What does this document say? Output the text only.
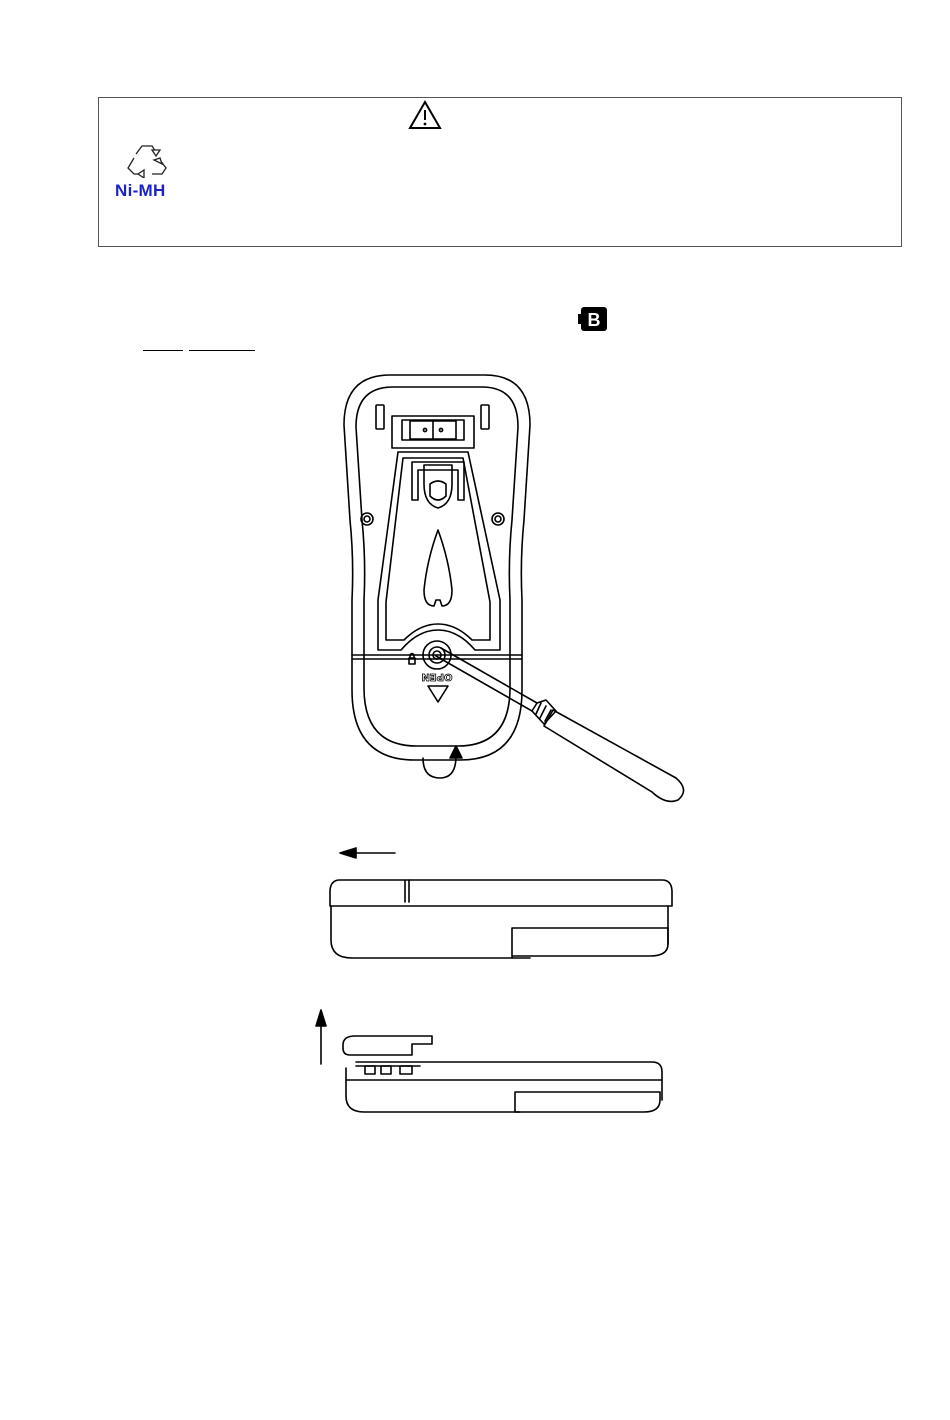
Ni-MH
B
OPEN
